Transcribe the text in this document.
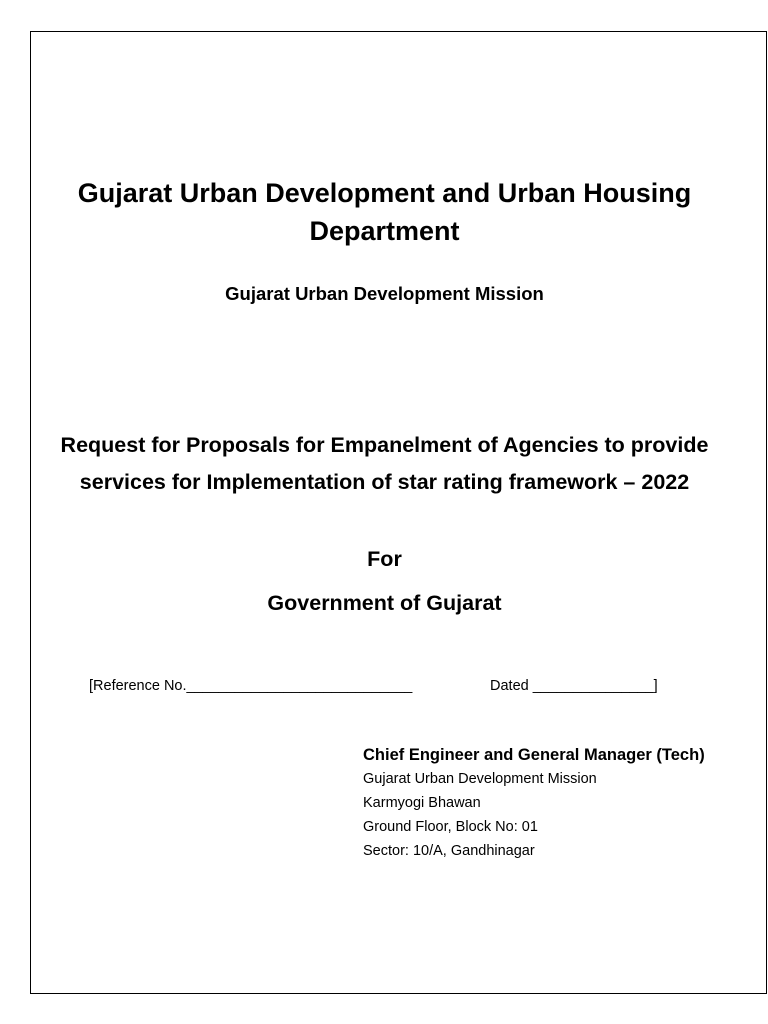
Gujarat Urban Development and Urban Housing Department
Gujarat Urban Development Mission
Request for Proposals for Empanelment of Agencies to provide services for Implementation of star rating framework – 2022
For
Government of Gujarat
[Reference No.____________________________	Dated _______________]
Chief Engineer and General Manager (Tech)
Gujarat Urban Development Mission
Karmyogi Bhawan
Ground Floor, Block No: 01
Sector: 10/A, Gandhinagar
